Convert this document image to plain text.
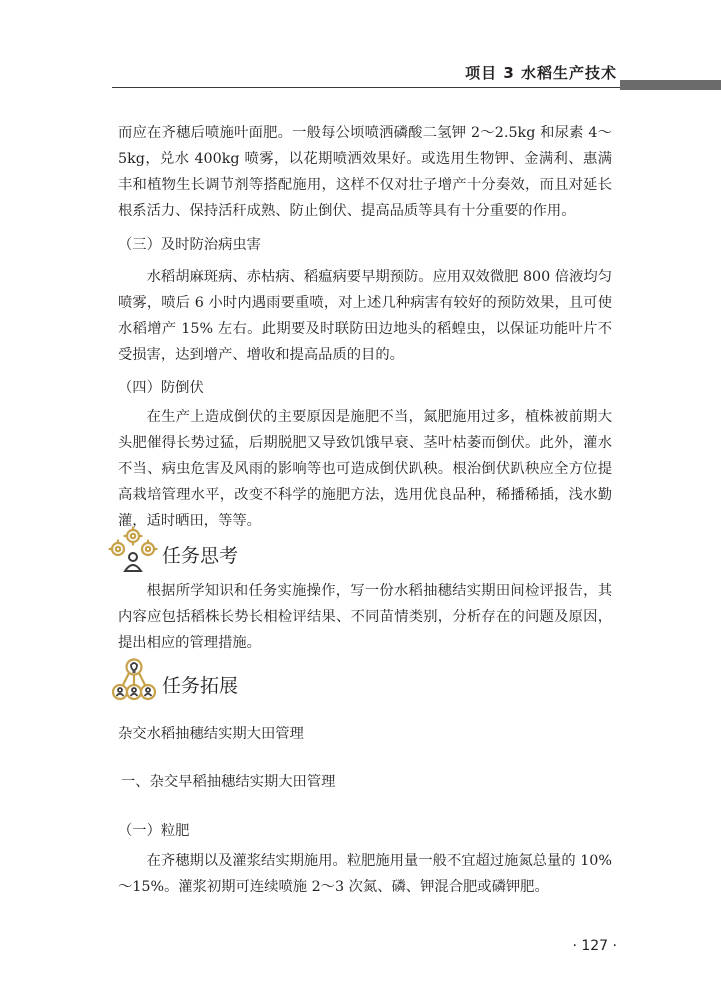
项目 3 水稻生产技术
而应在齐穗后喷施叶面肥。一般每公顷喷洒磷酸二氢钾 2～2.5kg 和尿素 4～5kg，兑水 400kg 喷雾，以花期喷洒效果好。或选用生物钾、金满利、惠满丰和植物生长调节剂等搭配施用，这样不仅对壮子增产十分奏效，而且对延长根系活力、保持活秆成熟、防止倒伏、提高品质等具有十分重要的作用。
（三）及时防治病虫害
水稻胡麻斑病、赤枯病、稻瘟病要早期预防。应用双效微肥 800 倍液均匀喷雾，喷后 6 小时内遇雨要重喷，对上述几种病害有较好的预防效果，且可使水稻增产 15% 左右。此期要及时联防田边地头的稻蝗虫，以保证功能叶片不受损害，达到增产、增收和提高品质的目的。
（四）防倒伏
在生产上造成倒伏的主要原因是施肥不当，氮肥施用过多，植株被前期大头肥催得长势过猛，后期脱肥又导致饥饿早衰、茎叶枯萎而倒伏。此外，灌水不当、病虫危害及风雨的影响等也可造成倒伏趴秧。根治倒伏趴秧应全方位提高栽培管理水平，改变不科学的施肥方法，选用优良品种，稀播稀插，浅水勤灌，适时晒田，等等。
任务思考
根据所学知识和任务实施操作，写一份水稻抽穗结实期田间检评报告，其内容应包括稻株长势长相检评结果、不同苗情类别，分析存在的问题及原因，提出相应的管理措施。
任务拓展
杂交水稻抽穗结实期大田管理
一、杂交早稻抽穗结实期大田管理
（一）粒肥
在齐穗期以及灌浆结实期施用。粒肥施用量一般不宜超过施氮总量的 10%～15%。灌浆初期可连续喷施 2～3 次氮、磷、钾混合肥或磷钾肥。
· 127 ·
